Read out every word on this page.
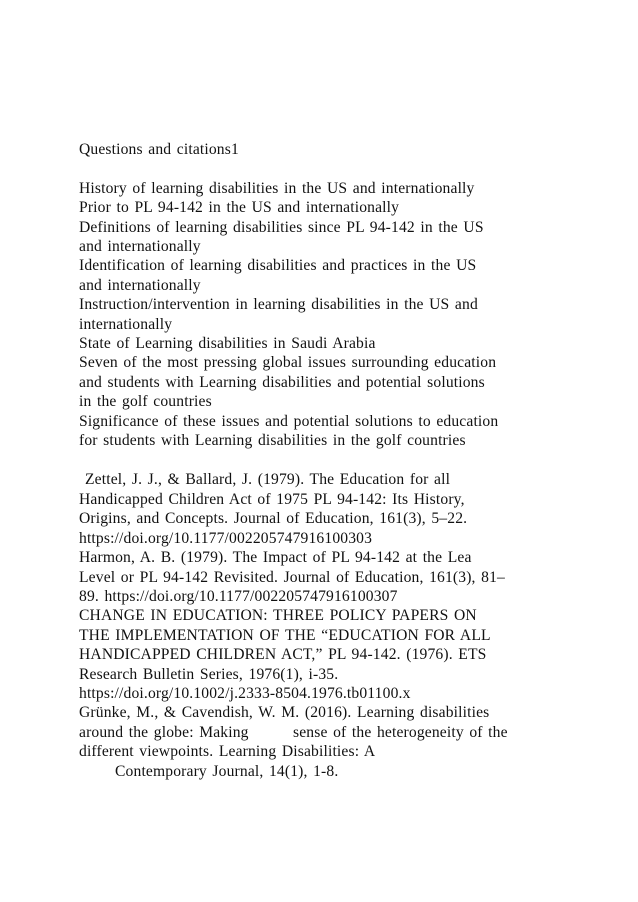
Questions and citations1
History of learning disabilities in the US and internationally
Prior to PL 94-142 in the US and internationally
Definitions of learning disabilities since PL 94-142 in the US
and internationally
Identification of learning disabilities and practices in the US
and internationally
Instruction/intervention in learning disabilities in the US and
internationally
State of Learning disabilities in Saudi Arabia
Seven of the most pressing global issues surrounding education
and students with Learning disabilities and potential solutions
in the golf countries
Significance of these issues and potential solutions to education
for students with Learning disabilities in the golf countries
Zettel, J. J., & Ballard, J. (1979). The Education for all
Handicapped Children Act of 1975 PL 94-142: Its History,
Origins, and Concepts. Journal of Education, 161(3), 5–22.
https://doi.org/10.1177/002205747916100303
Harmon, A. B. (1979). The Impact of PL 94-142 at the Lea
Level or PL 94-142 Revisited. Journal of Education, 161(3), 81–
89. https://doi.org/10.1177/002205747916100307
CHANGE IN EDUCATION: THREE POLICY PAPERS ON
THE IMPLEMENTATION OF THE “EDUCATION FOR ALL
HANDICAPPED CHILDREN ACT,” PL 94-142. (1976). ETS
Research Bulletin Series, 1976(1), i-35.
https://doi.org/10.1002/j.2333-8504.1976.tb01100.x
Grünke, M., & Cavendish, W. M. (2016). Learning disabilities
around the globe: Making        sense of the heterogeneity of the
different viewpoints. Learning Disabilities: A
Contemporary Journal, 14(1), 1-8.
